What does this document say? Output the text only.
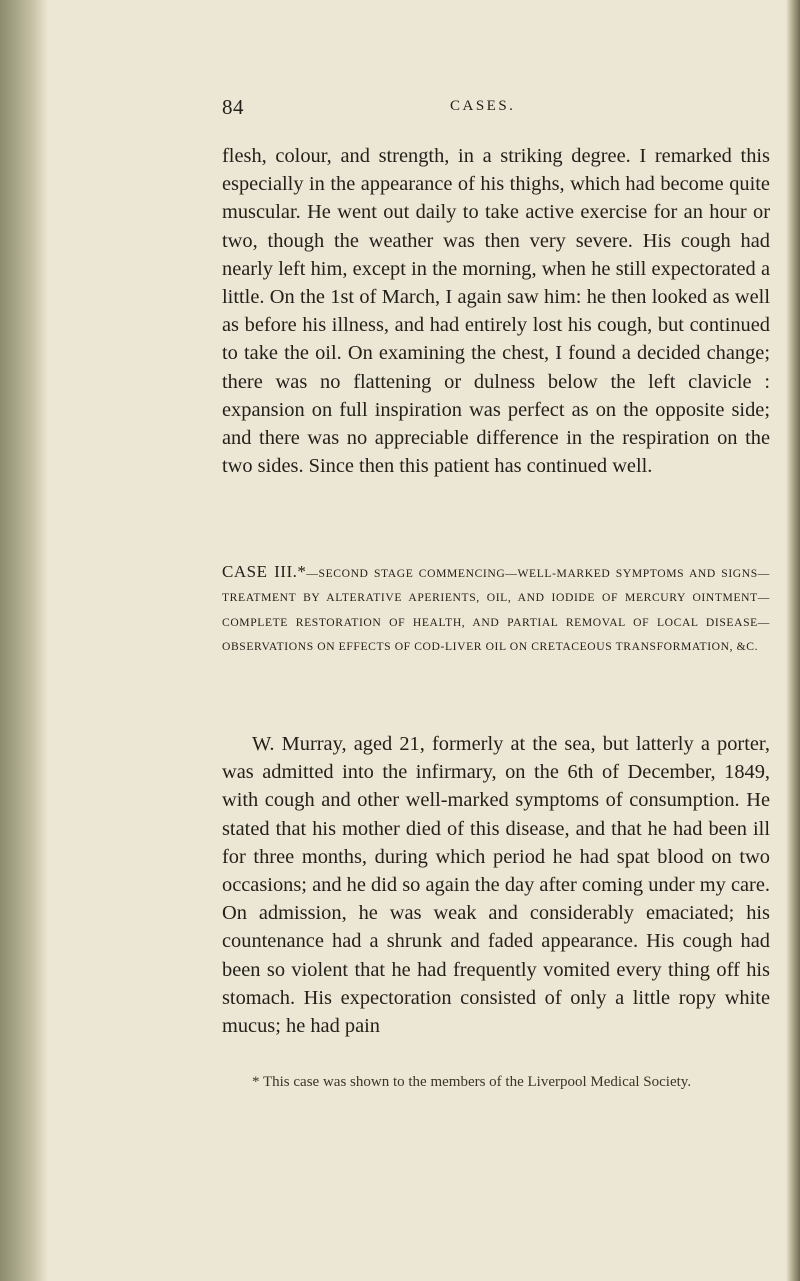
84	CASES.

flesh, colour, and strength, in a striking degree. I remarked this especially in the appearance of his thighs, which had become quite muscular. He went out daily to take active exercise for an hour or two, though the weather was then very severe. His cough had nearly left him, except in the morning, when he still expectorated a little. On the 1st of March, I again saw him: he then looked as well as before his illness, and had entirely lost his cough, but continued to take the oil. On examining the chest, I found a decided change; there was no flattening or dulness below the left clavicle : expansion on full inspiration was perfect as on the opposite side; and there was no appreciable difference in the respiration on the two sides. Since then this patient has continued well.

CASE III.*—SECOND STAGE COMMENCING—WELL-MARKED SYMPTOMS AND SIGNS—TREATMENT BY ALTERATIVE APERIENTS, OIL, AND IODIDE OF MERCURY OINTMENT—COMPLETE RESTORATION OF HEALTH, AND PARTIAL REMOVAL OF LOCAL DISEASE—OBSERVATIONS ON EFFECTS OF COD-LIVER OIL ON CRETACEOUS TRANSFORMATION, &C.

W. Murray, aged 21, formerly at the sea, but latterly a porter, was admitted into the infirmary, on the 6th of December, 1849, with cough and other well-marked symptoms of consumption. He stated that his mother died of this disease, and that he had been ill for three months, during which period he had spat blood on two occasions; and he did so again the day after coming under my care. On admission, he was weak and considerably emaciated; his countenance had a shrunk and faded appearance. His cough had been so violent that he had frequently vomited every thing off his stomach. His expectoration consisted of only a little ropy white mucus; he had pain

* This case was shown to the members of the Liverpool Medical Society.
